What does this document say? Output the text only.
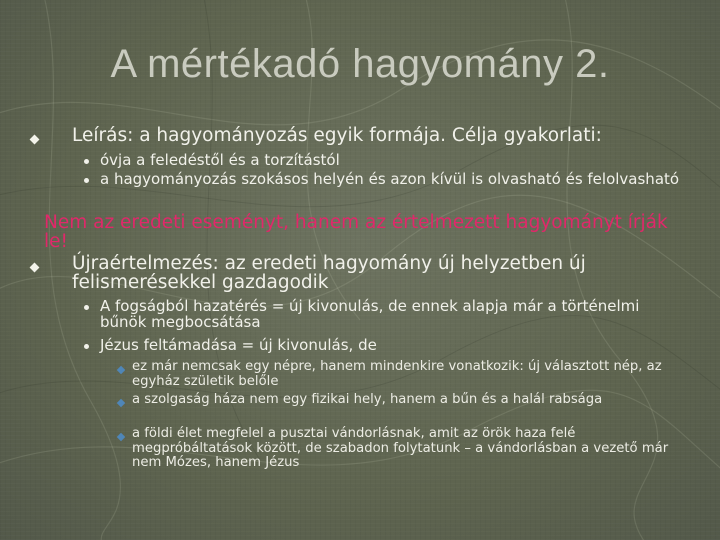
A mértékadó hagyomány 2.
Leírás: a hagyományozás egyik formája. Célja gyakorlati:
óvja a feledéstől és a torzítástól
a hagyományozás szokásos helyén és azon kívül is olvasható és felolvasható
Nem az eredeti eseményt, hanem az értelmezett hagyományt írják le!
Újraértelmezés: az eredeti hagyomány új helyzetben új felismerésekkel gazdagodik
A fogságból hazatérés = új kivonulás, de ennek alapja már a történelmi bűnök megbocsátása
Jézus feltámadása = új kivonulás, de
ez már nemcsak egy népre, hanem mindenkire vonatkozik: új választott nép, az egyház születik belőle
a szolgaság háza nem egy fizikai hely, hanem a bűn és a halál rabsága
a földi élet megfelel a pusztai vándorlásnak, amit az örök haza felé megpróbáltatások között, de szabadon folytatunk – a vándorlásban a vezető már nem Mózes, hanem Jézus
